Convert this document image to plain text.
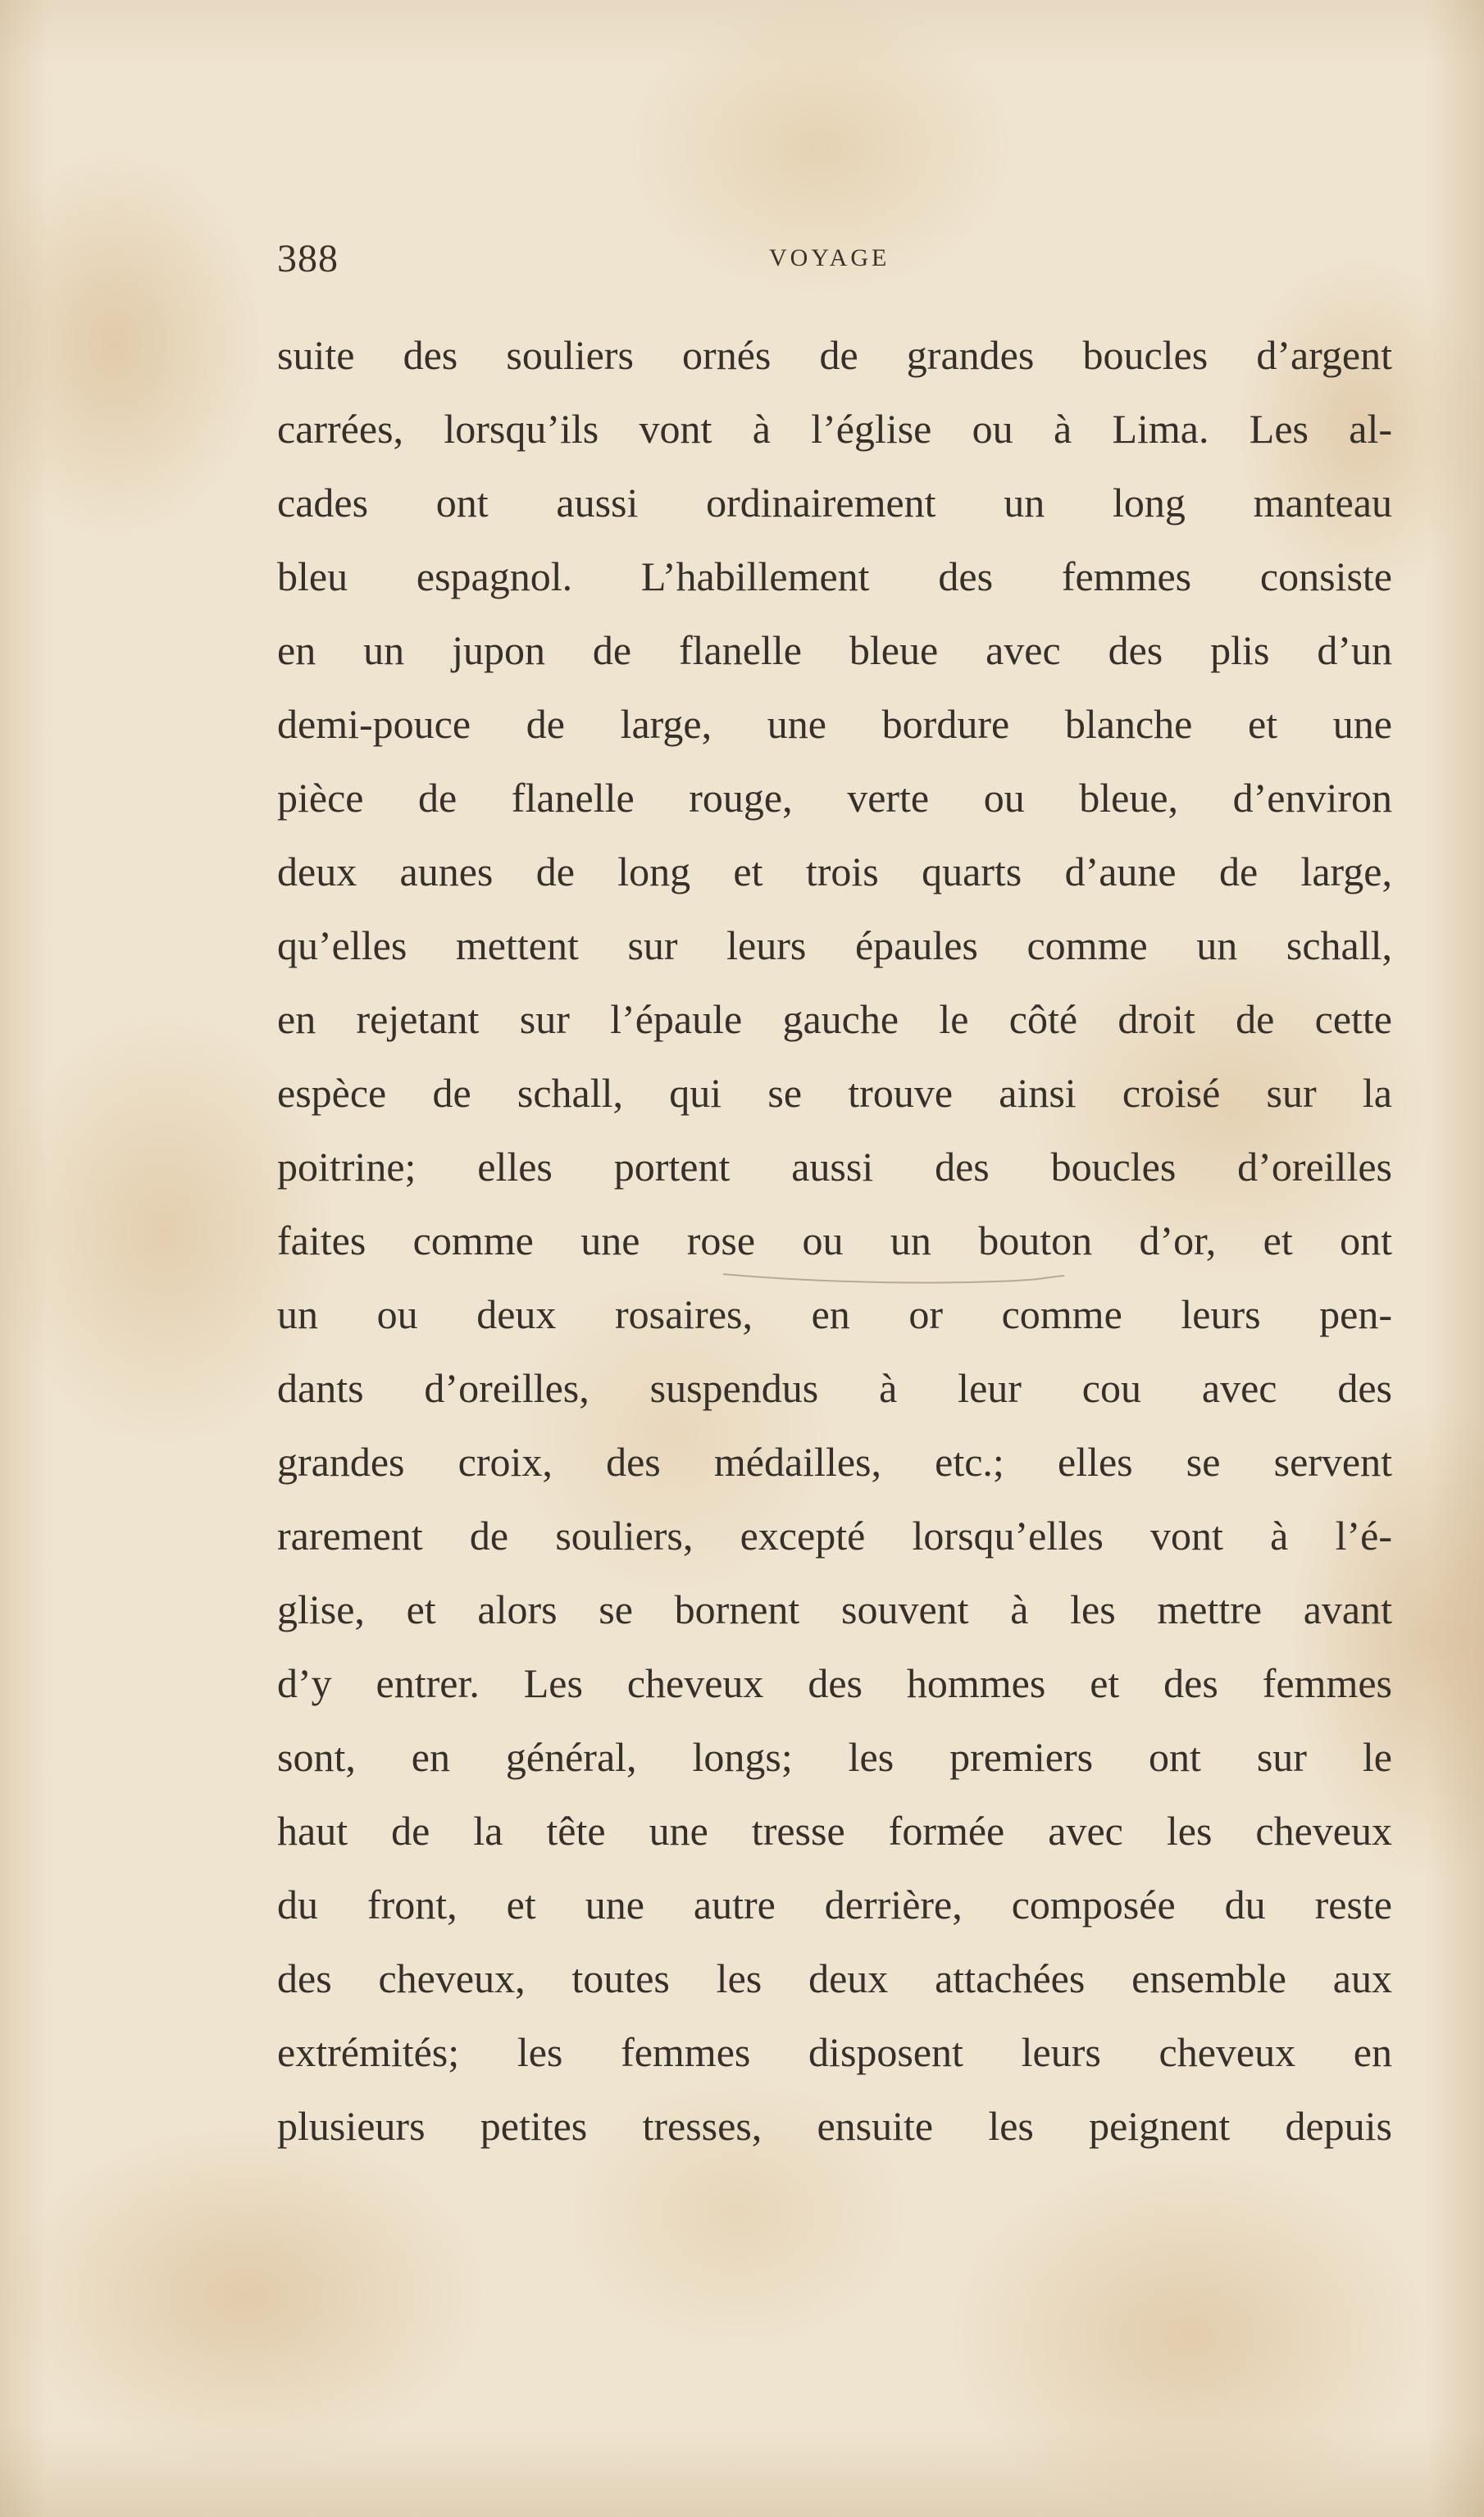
388	VOYAGE
suite des souliers ornés de grandes boucles d’argent
carrées, lorsqu’ils vont à l’église ou à Lima. Les al-
cades ont aussi ordinairement un long manteau
bleu espagnol. L’habillement des femmes consiste
en un jupon de flanelle bleue avec des plis d’un
demi-pouce de large, une bordure blanche et une
pièce de flanelle rouge, verte ou bleue, d’environ
deux aunes de long et trois quarts d’aune de large,
qu’elles mettent sur leurs épaules comme un schall,
en rejetant sur l’épaule gauche le côté droit de cette
espèce de schall, qui se trouve ainsi croisé sur la
poitrine; elles portent aussi des boucles d’oreilles
faites comme une rose ou un bouton d’or, et ont
un ou deux rosaires, en or comme leurs pen-
dants d’oreilles, suspendus à leur cou avec des
grandes croix, des médailles, etc.; elles se servent
rarement de souliers, excepté lorsqu’elles vont à l’é-
glise, et alors se bornent souvent à les mettre avant
d’y entrer. Les cheveux des hommes et des femmes
sont, en général, longs; les premiers ont sur le
haut de la tête une tresse formée avec les cheveux
du front, et une autre derrière, composée du reste
des cheveux, toutes les deux attachées ensemble aux
extrémités; les femmes disposent leurs cheveux en
plusieurs petites tresses, ensuite les peignent depuis
